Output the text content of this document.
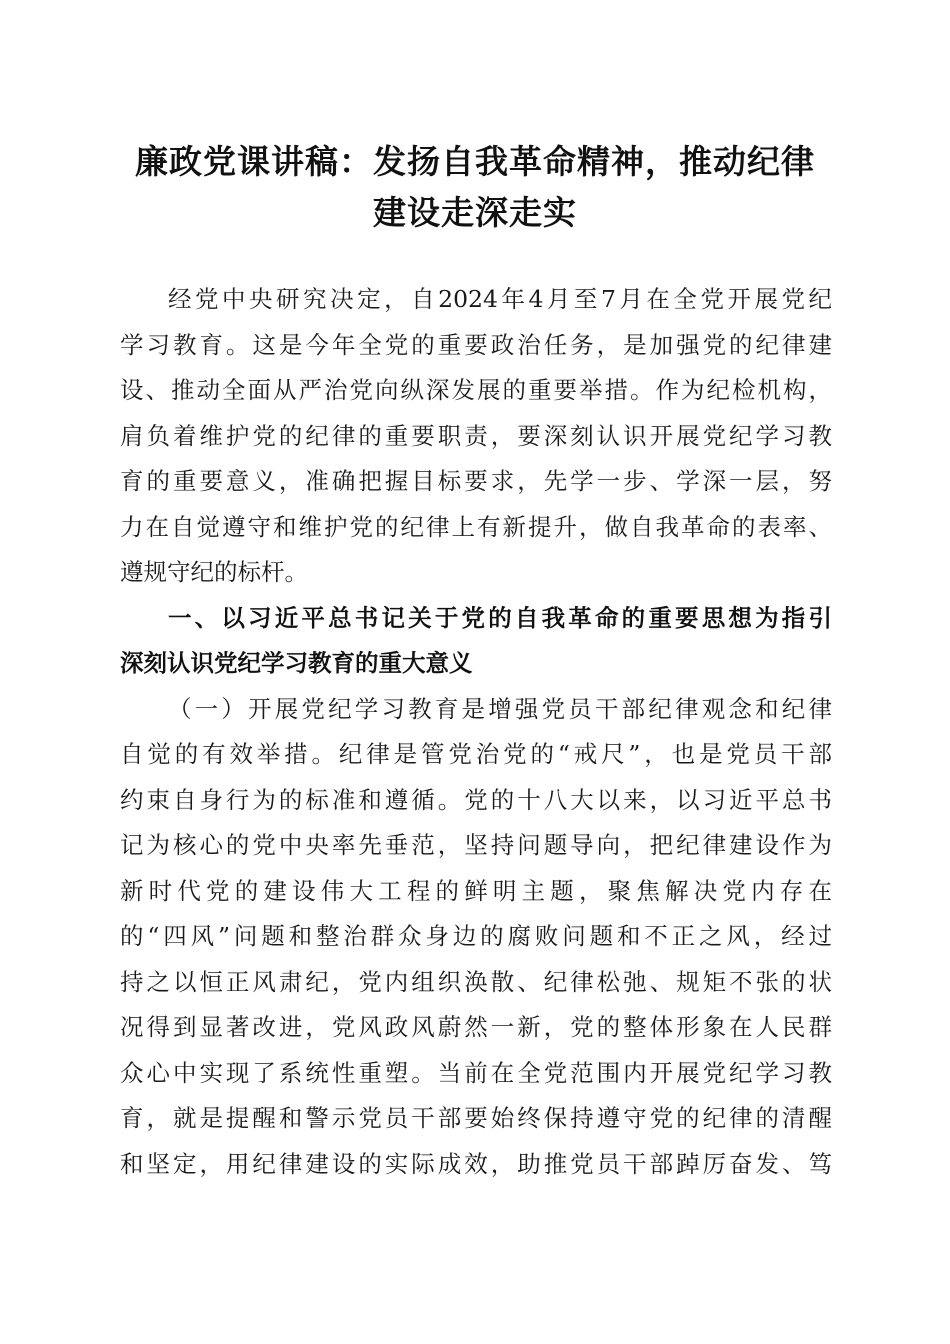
廉政党课讲稿：发扬自我革命精神，推动纪律
建设走深走实
经党中央研究决定，自2024年4月至7月在全党开展党纪
学习教育。这是今年全党的重要政治任务，是加强党的纪律建
设、推动全面从严治党向纵深发展的重要举措。作为纪检机构，
肩负着维护党的纪律的重要职责，要深刻认识开展党纪学习教
育的重要意义，准确把握目标要求，先学一步、学深一层，努
力在自觉遵守和维护党的纪律上有新提升，做自我革命的表率、
遵规守纪的标杆。
一、以习近平总书记关于党的自我革命的重要思想为指引
深刻认识党纪学习教育的重大意义
（一）开展党纪学习教育是增强党员干部纪律观念和纪律
自觉的有效举措。纪律是管党治党的“戒尺”，也是党员干部
约束自身行为的标准和遵循。党的十八大以来，以习近平总书
记为核心的党中央率先垂范，坚持问题导向，把纪律建设作为
新时代党的建设伟大工程的鲜明主题，聚焦解决党内存在
的“四风”问题和整治群众身边的腐败问题和不正之风，经过
持之以恒正风肃纪，党内组织涣散、纪律松弛、规矩不张的状
况得到显著改进，党风政风蔚然一新，党的整体形象在人民群
众心中实现了系统性重塑。当前在全党范围内开展党纪学习教
育，就是提醒和警示党员干部要始终保持遵守党的纪律的清醒
和坚定，用纪律建设的实际成效，助推党员干部踔厉奋发、笃
